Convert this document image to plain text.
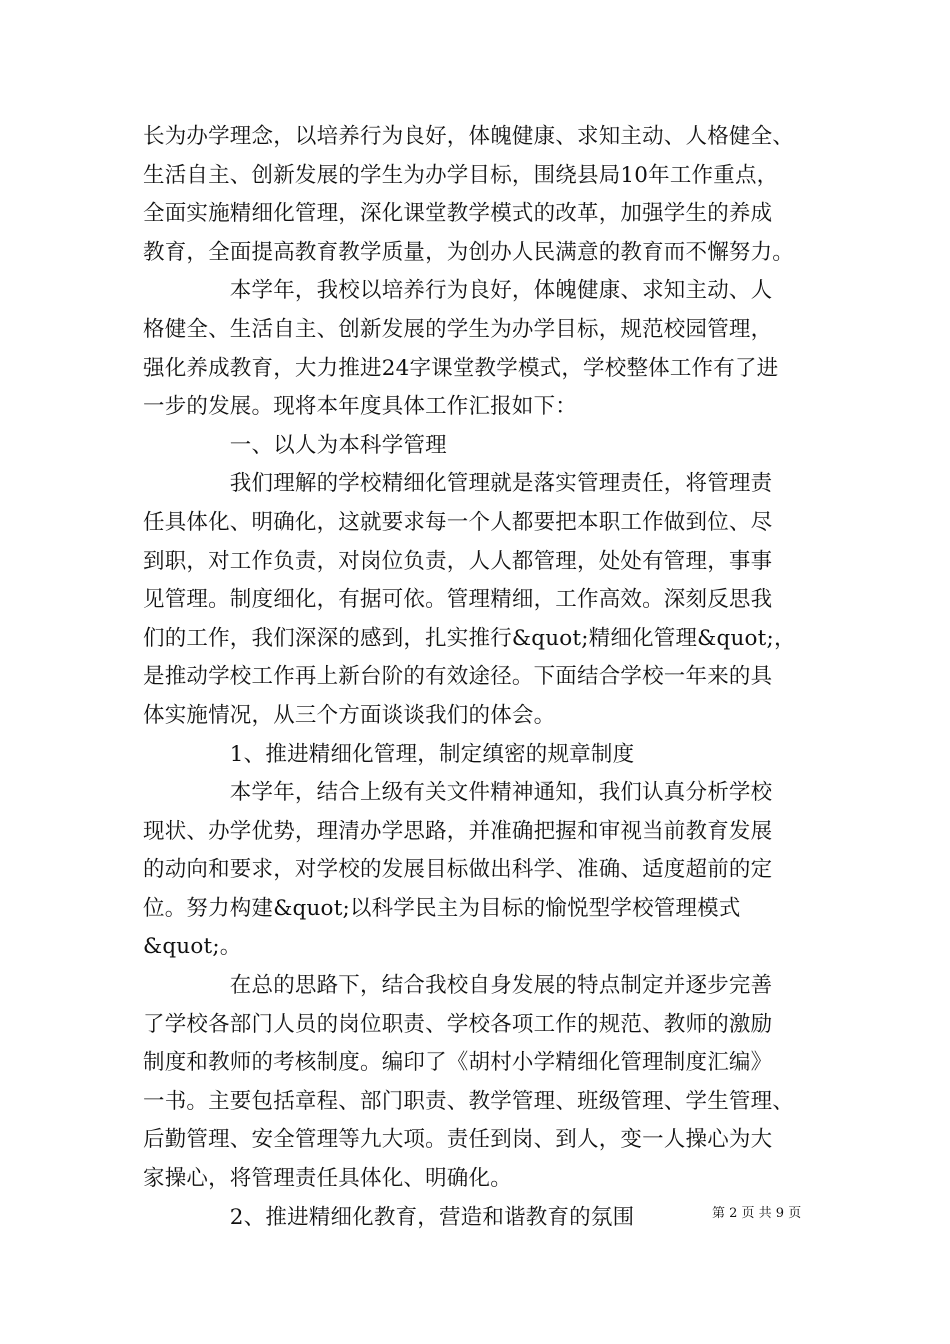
长为办学理念，以培养行为良好，体魄健康、求知主动、人格健全、
生活自主、创新发展的学生为办学目标，围绕县局10年工作重点，
全面实施精细化管理，深化课堂教学模式的改革，加强学生的养成
教育，全面提高教育教学质量，为创办人民满意的教育而不懈努力。
　　　　本学年，我校以培养行为良好，体魄健康、求知主动、人
格健全、生活自主、创新发展的学生为办学目标，规范校园管理，
强化养成教育，大力推进24字课堂教学模式，学校整体工作有了进
一步的发展。现将本年度具体工作汇报如下：
　　　　一、以人为本科学管理
　　　　我们理解的学校精细化管理就是落实管理责任，将管理责
任具体化、明确化，这就要求每一个人都要把本职工作做到位、尽
到职，对工作负责，对岗位负责，人人都管理，处处有管理，事事
见管理。制度细化，有据可依。管理精细，工作高效。深刻反思我
们的工作，我们深深的感到，扎实推行&quot;精细化管理&quot;，
是推动学校工作再上新台阶的有效途径。下面结合学校一年来的具
体实施情况，从三个方面谈谈我们的体会。
　　　　1、推进精细化管理，制定缜密的规章制度
　　　　本学年，结合上级有关文件精神通知，我们认真分析学校
现状、办学优势，理清办学思路，并准确把握和审视当前教育发展
的动向和要求，对学校的发展目标做出科学、准确、适度超前的定
位。努力构建&quot;以科学民主为目标的愉悦型学校管理模式
&quot;。
　　　　在总的思路下，结合我校自身发展的特点制定并逐步完善
了学校各部门人员的岗位职责、学校各项工作的规范、教师的激励
制度和教师的考核制度。编印了《胡村小学精细化管理制度汇编》
一书。主要包括章程、部门职责、教学管理、班级管理、学生管理、
后勤管理、安全管理等九大项。责任到岗、到人，变一人操心为大
家操心，将管理责任具体化、明确化。
　　　　2、推进精细化教育，营造和谐教育的氛围	第 2 页 共 9 页
